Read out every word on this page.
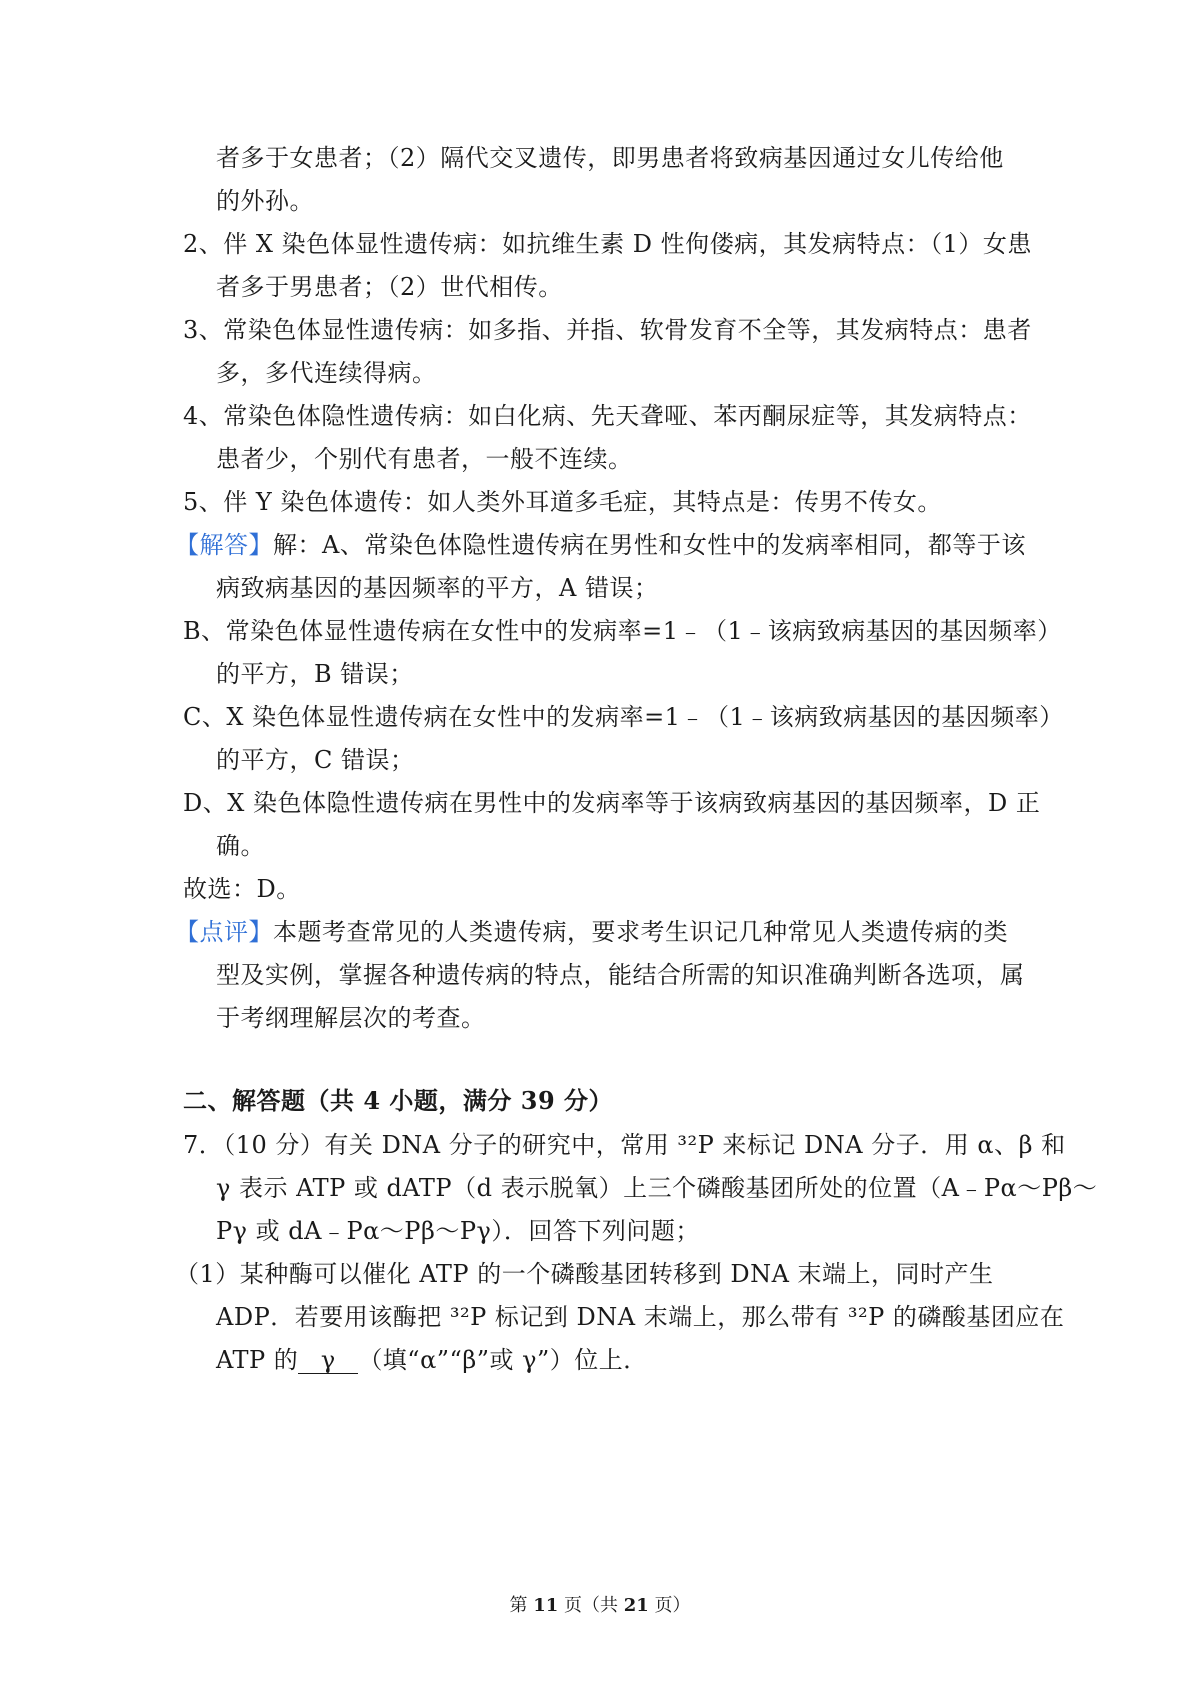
者多于女患者；（2）隔代交叉遗传，即男患者将致病基因通过女儿传给他
的外孙。
2、伴 X 染色体显性遗传病：如抗维生素 D 性佝偻病，其发病特点：（1）女患
者多于男患者；（2）世代相传。
3、常染色体显性遗传病：如多指、并指、软骨发育不全等，其发病特点：患者
多，多代连续得病。
4、常染色体隐性遗传病：如白化病、先天聋哑、苯丙酮尿症等，其发病特点：
患者少，个别代有患者，一般不连续。
5、伴 Y 染色体遗传：如人类外耳道多毛症，其特点是：传男不传女。
【解答】解：A、常染色体隐性遗传病在男性和女性中的发病率相同，都等于该
病致病基因的基因频率的平方，A 错误；
B、常染色体显性遗传病在女性中的发病率=1﹣（1﹣该病致病基因的基因频率）
的平方，B 错误；
C、X 染色体显性遗传病在女性中的发病率=1﹣（1﹣该病致病基因的基因频率）
的平方，C 错误；
D、X 染色体隐性遗传病在男性中的发病率等于该病致病基因的基因频率，D 正
确。
故选：D。
【点评】本题考查常见的人类遗传病，要求考生识记几种常见人类遗传病的类
型及实例，掌握各种遗传病的特点，能结合所需的知识准确判断各选项，属
于考纲理解层次的考查。
二、解答题（共 4 小题，满分 39 分）
7．（10 分）有关 DNA 分子的研究中，常用 ³²P 来标记 DNA 分子．用 α、β 和
γ 表示 ATP 或 dATP（d 表示脱氧）上三个磷酸基团所处的位置（A﹣Pα～Pβ～
Pγ 或 dA﹣Pα～Pβ～Pγ）．回答下列问题；
（1）某种酶可以催化 ATP 的一个磷酸基团转移到 DNA 末端上，同时产生
ADP．若要用该酶把 ³²P 标记到 DNA 末端上，那么带有 ³²P 的磷酸基团应在
ATP 的 γ （填“α”“β”或 γ”）位上．
第 11 页（共 21 页）
